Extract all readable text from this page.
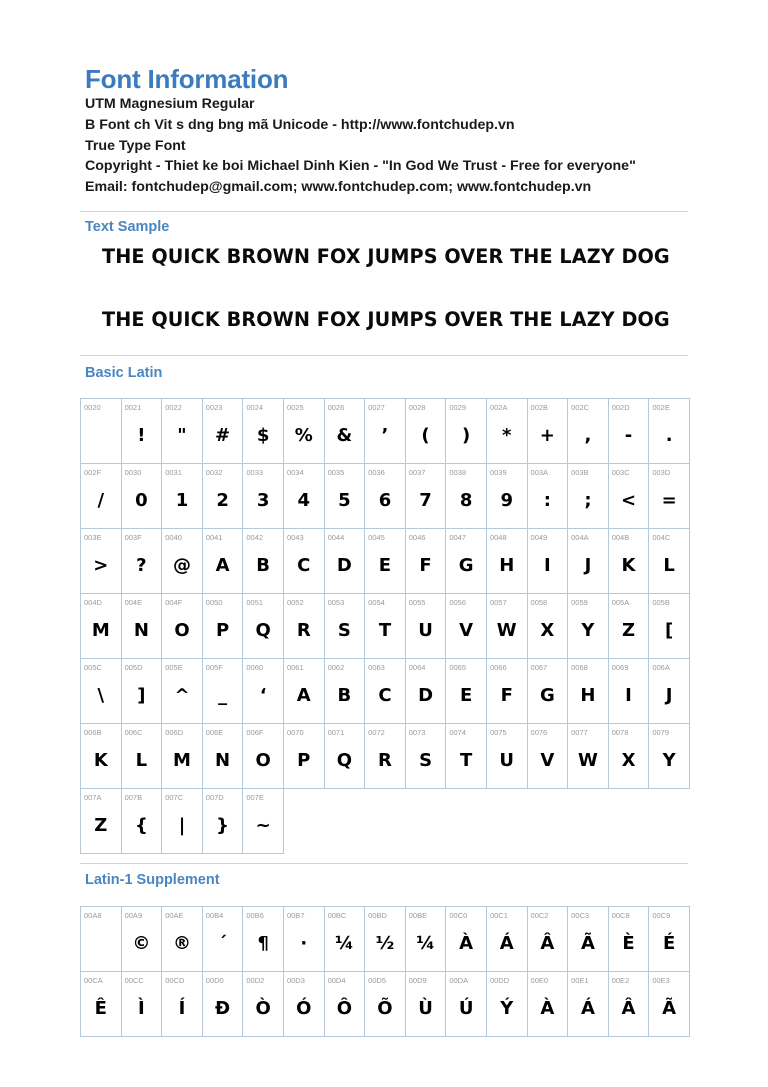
Font Information
UTM Magnesium Regular
B Font ch Vit s dng bng mã Unicode - http://www.fontchudep.vn
True Type Font
Copyright - Thiet ke boi Michael Dinh Kien - "In God We Trust - Free for everyone"
Email: fontchudep@gmail.com; www.fontchudep.com; www.fontchudep.vn
Text Sample
THE QUICK BROWN FOX JUMPS OVER THE LAZY DOG
THE QUICK BROWN FOX JUMPS OVER THE LAZY DOG
Basic Latin
0020	0021
!
0022
"
0023
#
0024
$
0025
%
0026
&
0027
’
0028
(
0029
)
002A
*
002B
+
002C
,
002D
-
002E
.
002F
/
0030
0
0031
1
0032
2
0033
3
0034
4
0035
5
0036
6
0037
7
0038
8
0039
9
003A
:
003B
;
003C
<
003D
=
003E
>
003F
?
0040
@
0041
A
0042
B
0043
C
0044
D
0045
E
0046
F
0047
G
0048
H
0049
I
004A
J
004B
K
004C
L
004D
M
004E
N
004F
O
0050
P
0051
Q
0052
R
0053
S
0054
T
0055
U
0056
V
0057
W
0058
X
0059
Y
005A
Z
005B
[
005C
\
005D
]
005E
^
005F
_
0060
‘
0061
A
0062
B
0063
C
0064
D
0065
E
0066
F
0067
G
0068
H
0069
I
006A
J
006B
K
006C
L
006D
M
006E
N
006F
O
0070
P
0071
Q
0072
R
0073
S
0074
T
0075
U
0076
V
0077
W
0078
X
0079
Y
007A
Z
007B
{
007C
|
007D
}
007E
~
Latin-1 Supplement
00A8	00A9
©
00AE
®
00B4
´
00B6
¶
00B7
·
00BC
¼
00BD
½
00BE
¼
00C0
À
00C1
Á
00C2
Â
00C3
Ã
00C8
È
00C9
É
00CA
Ê
00CC
Ì
00CD
Í
00D0
Đ
00D2
Ò
00D3
Ó
00D4
Ô
00D5
Õ
00D9
Ù
00DA
Ú
00DD
Ý
00E0
À
00E1
Á
00E2
Â
00E3
Ã
